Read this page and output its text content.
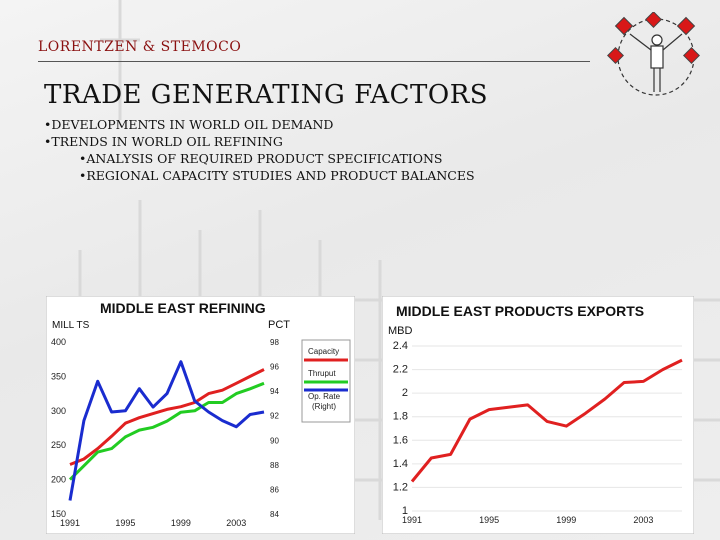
LORENTZEN & STEMOCO
TRADE GENERATING FACTORS
•DEVELOPMENTS IN WORLD OIL DEMAND
•TRENDS IN WORLD OIL REFINING
•ANALYSIS OF REQUIRED PRODUCT SPECIFICATIONS
•REGIONAL CAPACITY STUDIES AND PRODUCT BALANCES
MIDDLE EAST REFINING
MILL TS	PCT
150
200
250
300
350
400
1991	1995	1999	2003
84
86
88
90
92
94
96
98
Capacity
Thruput
Op. Rate
(Right)
MIDDLE EAST PRODUCTS EXPORTS
MBD
1
1.2
1.4
1.6
1.8
2
2.2
2.4
1991	1995	1999	2003
